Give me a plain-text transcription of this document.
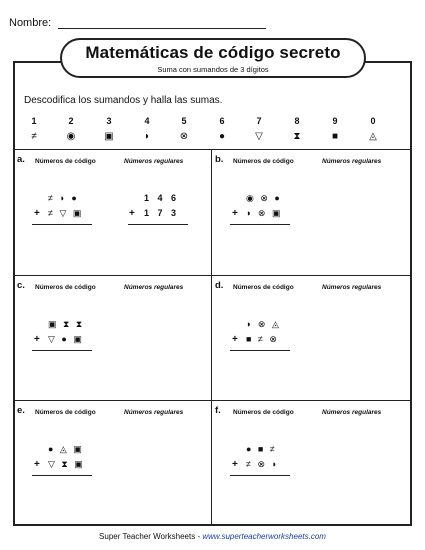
Nombre:
Matemáticas de código secreto
Suma con sumandos de 3 dígitos
Descodifica los sumandos y halla las sumas.
1
≠
2
◉
3
▣
4
◗
5
⊗
6
●
7
▽
8
⧗
9
■
0
◬
a. Números de código	Números regulares
≠ ◗ ●
+ ≠ ▽ ▣
1 4 6
+ 1 7 3
b. Números de código	Números regulares
◉ ⊗ ●
+ ◗ ⊗ ▣
c. Números de código	Números regulares
▣ ⧗ ⧗
+ ▽ ● ▣
d. Números de código	Números regulares
◗ ⊗ ◬
+ ■ ≠ ⊗
e. Números de código	Números regulares
● ◬ ▣
+ ▽ ⧗ ▣
f. Números de código	Números regulares
● ■ ≠
+ ≠ ⊗ ◗
Super Teacher Worksheets - www.superteacherworksheets.com
